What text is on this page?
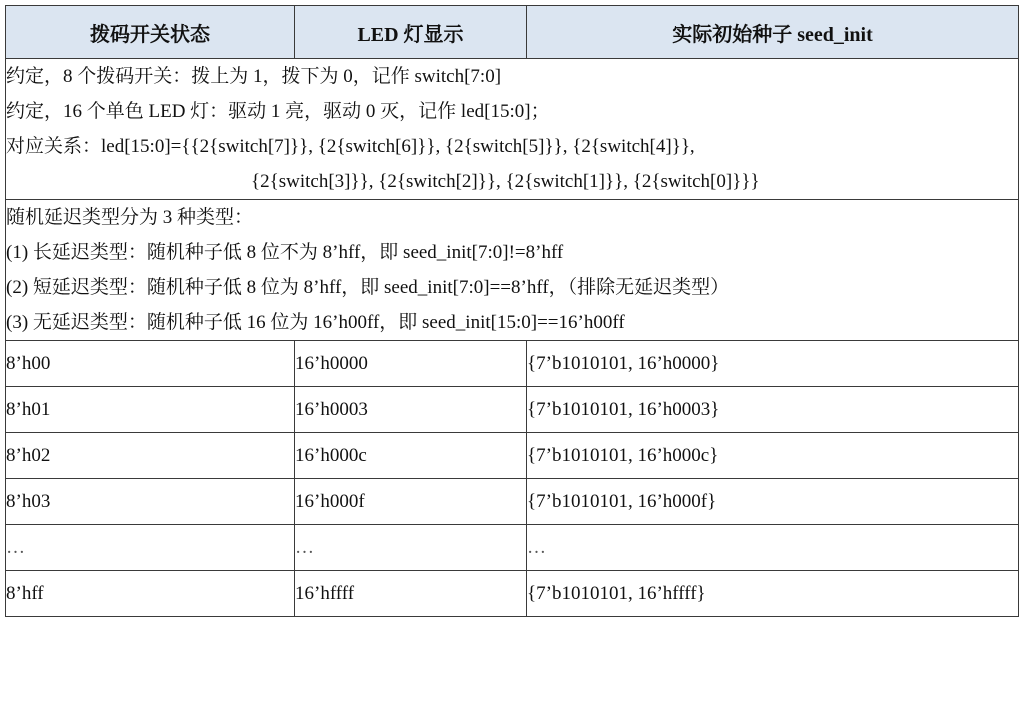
拨码开关状态	LED 灯显示	实际初始种子 seed_init

约定，8 个拨码开关：拨上为 1，拨下为 0，记作 switch[7:0]
约定，16 个单色 LED 灯：驱动 1 亮，驱动 0 灭，记作 led[15:0]；
对应关系：led[15:0]={{2{switch[7]}}, {2{switch[6]}}, {2{switch[5]}}, {2{switch[4]}},
{2{switch[3]}}, {2{switch[2]}}, {2{switch[1]}}, {2{switch[0]}}}		

随机延迟类型分为 3 种类型：
(1) 长延迟类型：随机种子低 8 位不为 8’hff，即 seed_init[7:0]!=8’hff
(2) 短延迟类型：随机种子低 8 位为 8’hff，即 seed_init[7:0]==8’hff，（排除无延迟类型）
(3) 无延迟类型：随机种子低 16 位为 16’h00ff，即 seed_init[15:0]==16’h00ff		

8’h00	16’h0000	{7’b1010101, 16’h0000}
8’h01	16’h0003	{7’b1010101, 16’h0003}
8’h02	16’h000c	{7’b1010101, 16’h000c}
8’h03	16’h000f	{7’b1010101, 16’h000f}
…	…	…
8’hff	16’hffff	{7’b1010101, 16’hffff}
